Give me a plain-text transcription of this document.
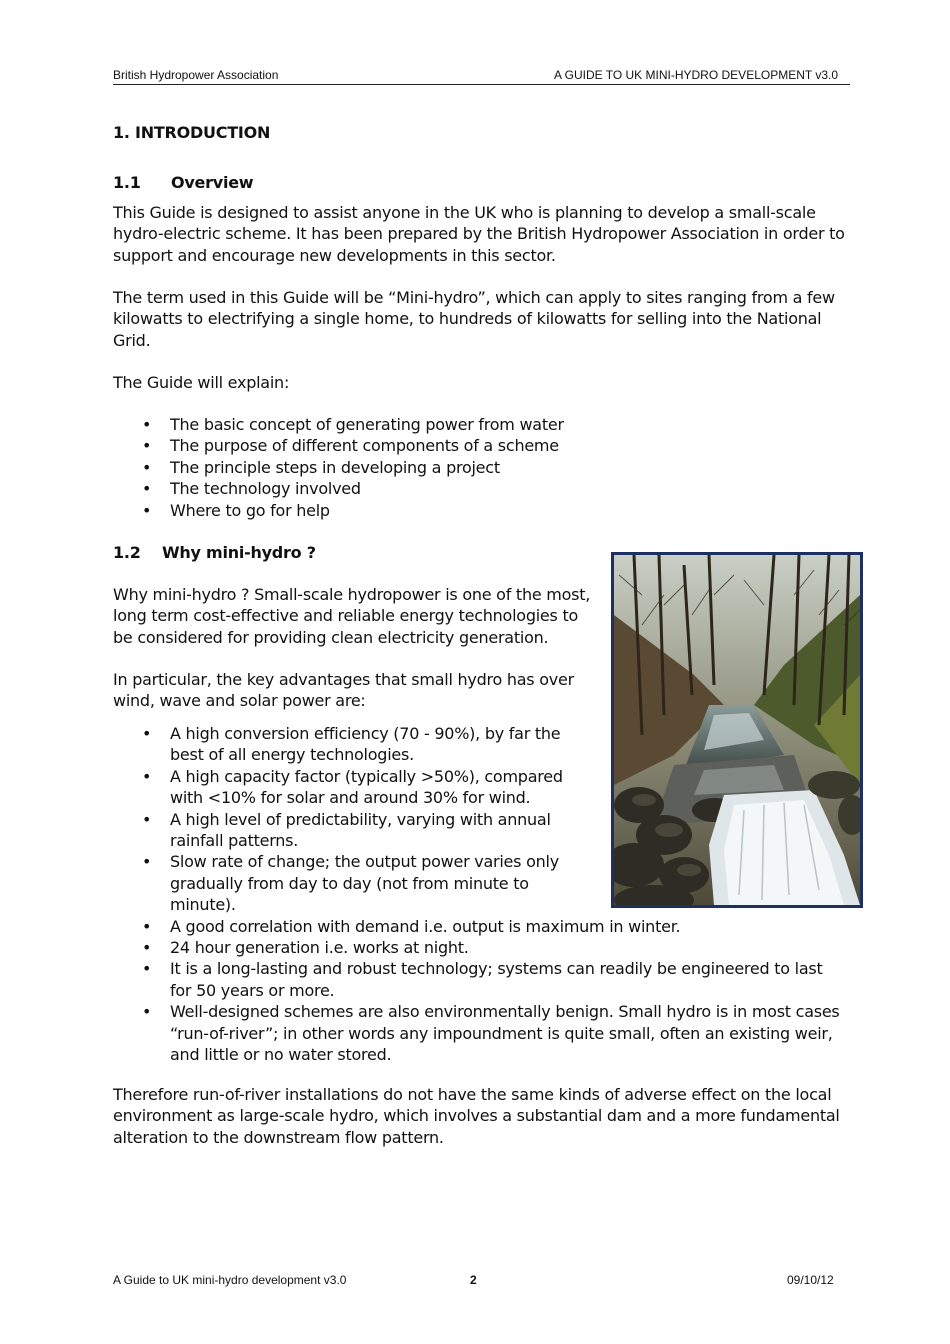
British Hydropower Association	A GUIDE TO UK MINI-HYDRO DEVELOPMENT v3.0
1. INTRODUCTION
1.1 Overview

This Guide is designed to assist anyone in the UK who is planning to develop a small-scale

hydro-electric scheme. It has been prepared by the British Hydropower Association in order to

support and encourage new developments in this sector.

The term used in this Guide will be “Mini-hydro”, which can apply to sites ranging from a few

kilowatts to electrifying a single home, to hundreds of kilowatts for selling into the National

Grid.

The Guide will explain:
• The basic concept of generating power from water
• The purpose of different components of a scheme
• The principle steps in developing a project
• The technology involved
• Where to go for help
1.2 Why mini-hydro ?

Why mini-hydro ? Small-scale hydropower is one of the most,

long term cost-effective and reliable energy technologies to

be considered for providing clean electricity generation.

In particular, the key advantages that small hydro has over

wind, wave and solar power are:

• A high conversion efficiency (70 - 90%), by far the

best of all energy technologies.

• A high capacity factor (typically >50%), compared

with <10% for solar and around 30% for wind.

• A high level of predictability, varying with annual

rainfall patterns.

• Slow rate of change; the output power varies only

gradually from day to day (not from minute to

minute).

• A good correlation with demand i.e. output is maximum in winter.

• 24 hour generation i.e. works at night.

• It is a long-lasting and robust technology; systems can readily be engineered to last

for 50 years or more.

• Well-designed schemes are also environmentally benign. Small hydro is in most cases

“run-of-river”; in other words any impoundment is quite small, often an existing weir,

and little or no water stored.

Therefore run-of-river installations do not have the same kinds of adverse effect on the local

environment as large-scale hydro, which involves a substantial dam and a more fundamental

alteration to the downstream flow pattern.

A Guide to UK mini-hydro development v3.0	2	09/10/12
